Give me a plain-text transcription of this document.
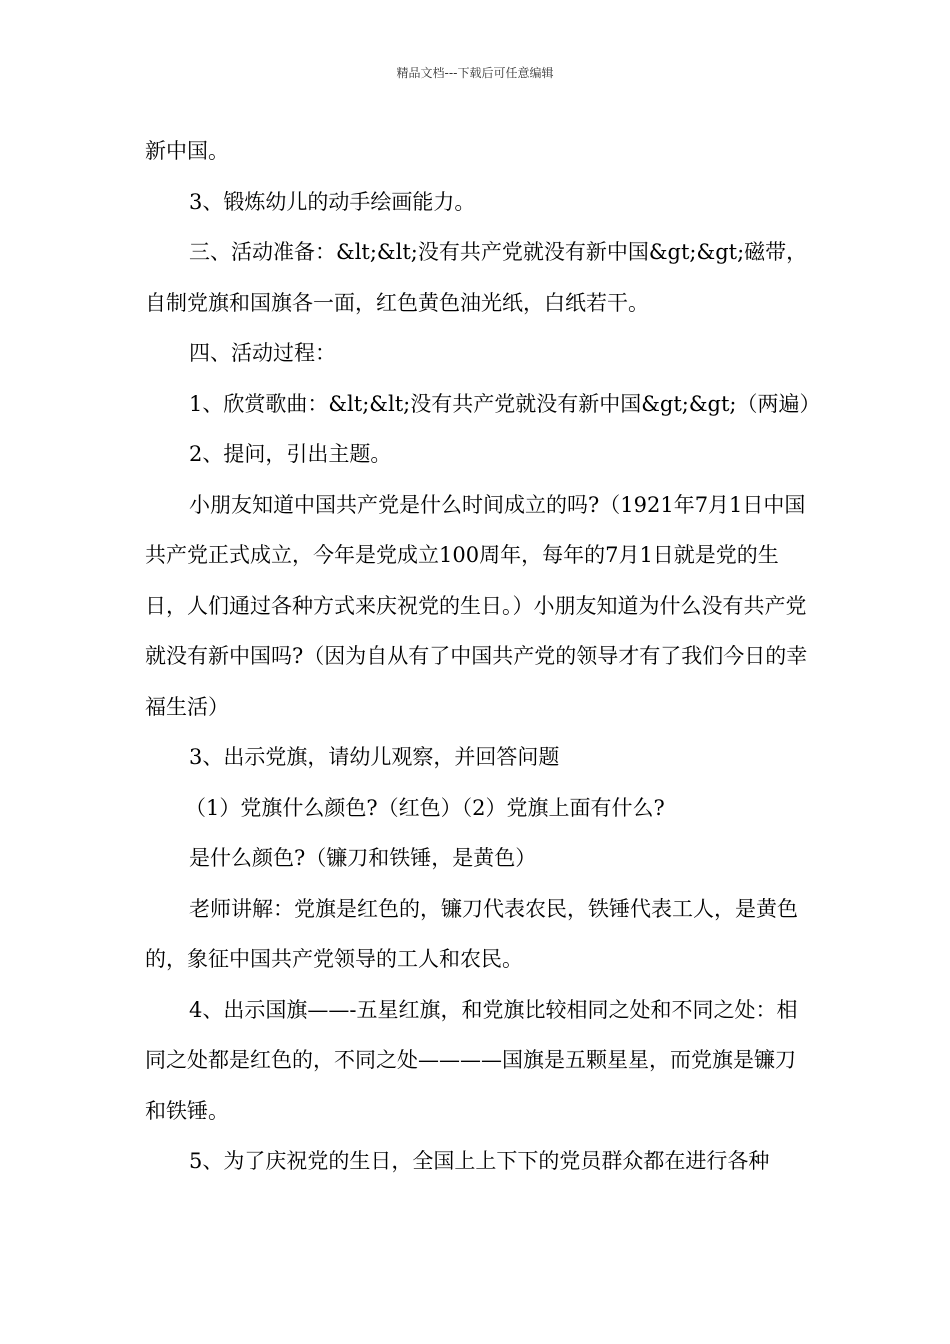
精品文档---下载后可任意编辑

新中国。

3、锻炼幼儿的动手绘画能力。

三、活动准备：&lt;&lt;没有共产党就没有新中国&gt;&gt;磁带，自制党旗和国旗各一面，红色黄色油光纸，白纸若干。

四、活动过程：

1、欣赏歌曲：&lt;&lt;没有共产党就没有新中国&gt;&gt;（两遍）

2、提问，引出主题。

小朋友知道中国共产党是什么时间成立的吗?（1921年7月1日中国共产党正式成立，今年是党成立100周年，每年的7月1日就是党的生日，人们通过各种方式来庆祝党的生日。）小朋友知道为什么没有共产党就没有新中国吗?（因为自从有了中国共产党的领导才有了我们今日的幸福生活）

3、出示党旗，请幼儿观察，并回答问题

（1）党旗什么颜色?（红色）（2）党旗上面有什么?

是什么颜色?（镰刀和铁锤，是黄色）

老师讲解：党旗是红色的，镰刀代表农民，铁锤代表工人，是黄色的，象征中国共产党领导的工人和农民。

4、出示国旗——-五星红旗，和党旗比较相同之处和不同之处：相同之处都是红色的，不同之处————国旗是五颗星星，而党旗是镰刀和铁锤。

5、为了庆祝党的生日，全国上上下下的党员群众都在进行各种
